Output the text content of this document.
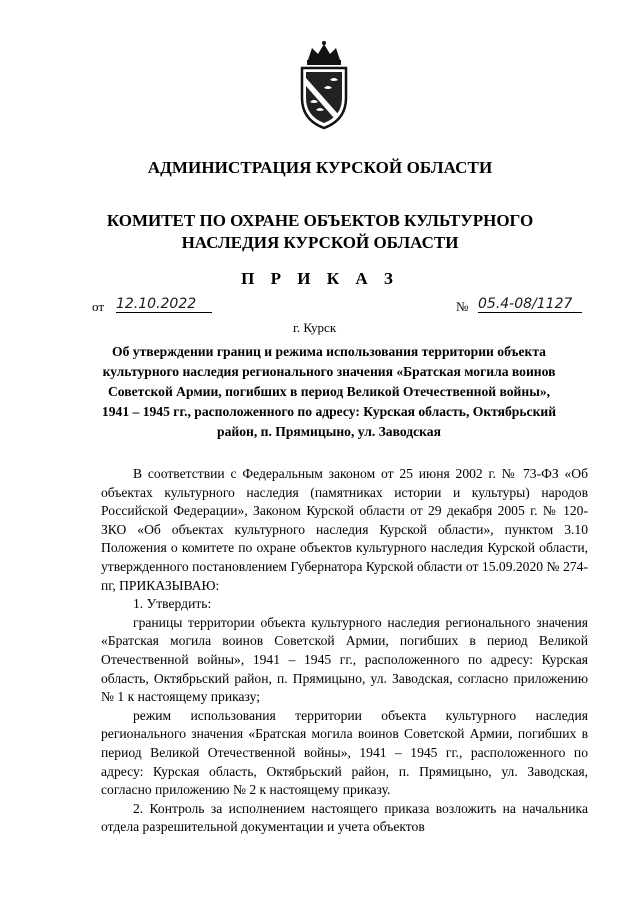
АДМИНИСТРАЦИЯ КУРСКОЙ ОБЛАСТИ
КОМИТЕТ ПО ОХРАНЕ ОБЪЕКТОВ КУЛЬТУРНОГО НАСЛЕДИЯ КУРСКОЙ ОБЛАСТИ
П Р И К А З
от 12.10.2022	№ 05.4-08/1127
г. Курск
Об утверждении границ и режима использования территории объекта культурного наследия регионального значения «Братская могила воинов Советской Армии, погибших в период Великой Отечественной войны», 1941 – 1945 гг., расположенного по адресу: Курская область, Октябрьский район, п. Прямицыно, ул. Заводская

В соответствии с Федеральным законом от 25 июня 2002 г. № 73-ФЗ «Об объектах культурного наследия (памятниках истории и культуры) народов Российской Федерации», Законом Курской области от 29 декабря 2005 г. № 120-ЗКО «Об объектах культурного наследия Курской области», пунктом 3.10 Положения о комитете по охране объектов культурного наследия Курской области, утвержденного постановлением Губернатора Курской области от 15.09.2020 № 274-пг, ПРИКАЗЫВАЮ:

1. Утвердить:

границы территории объекта культурного наследия регионального значения «Братская могила воинов Советской Армии, погибших в период Великой Отечественной войны», 1941 – 1945 гг., расположенного по адресу: Курская область, Октябрьский район, п. Прямицыно, ул. Заводская, согласно приложению № 1 к настоящему приказу;

режим использования территории объекта культурного наследия регионального значения «Братская могила воинов Советской Армии, погибших в период Великой Отечественной войны», 1941 – 1945 гг., расположенного по адресу: Курская область, Октябрьский район, п. Прямицыно, ул. Заводская, согласно приложению № 2 к настоящему приказу.

2. Контроль за исполнением настоящего приказа возложить на начальника отдела разрешительной документации и учета объектов
